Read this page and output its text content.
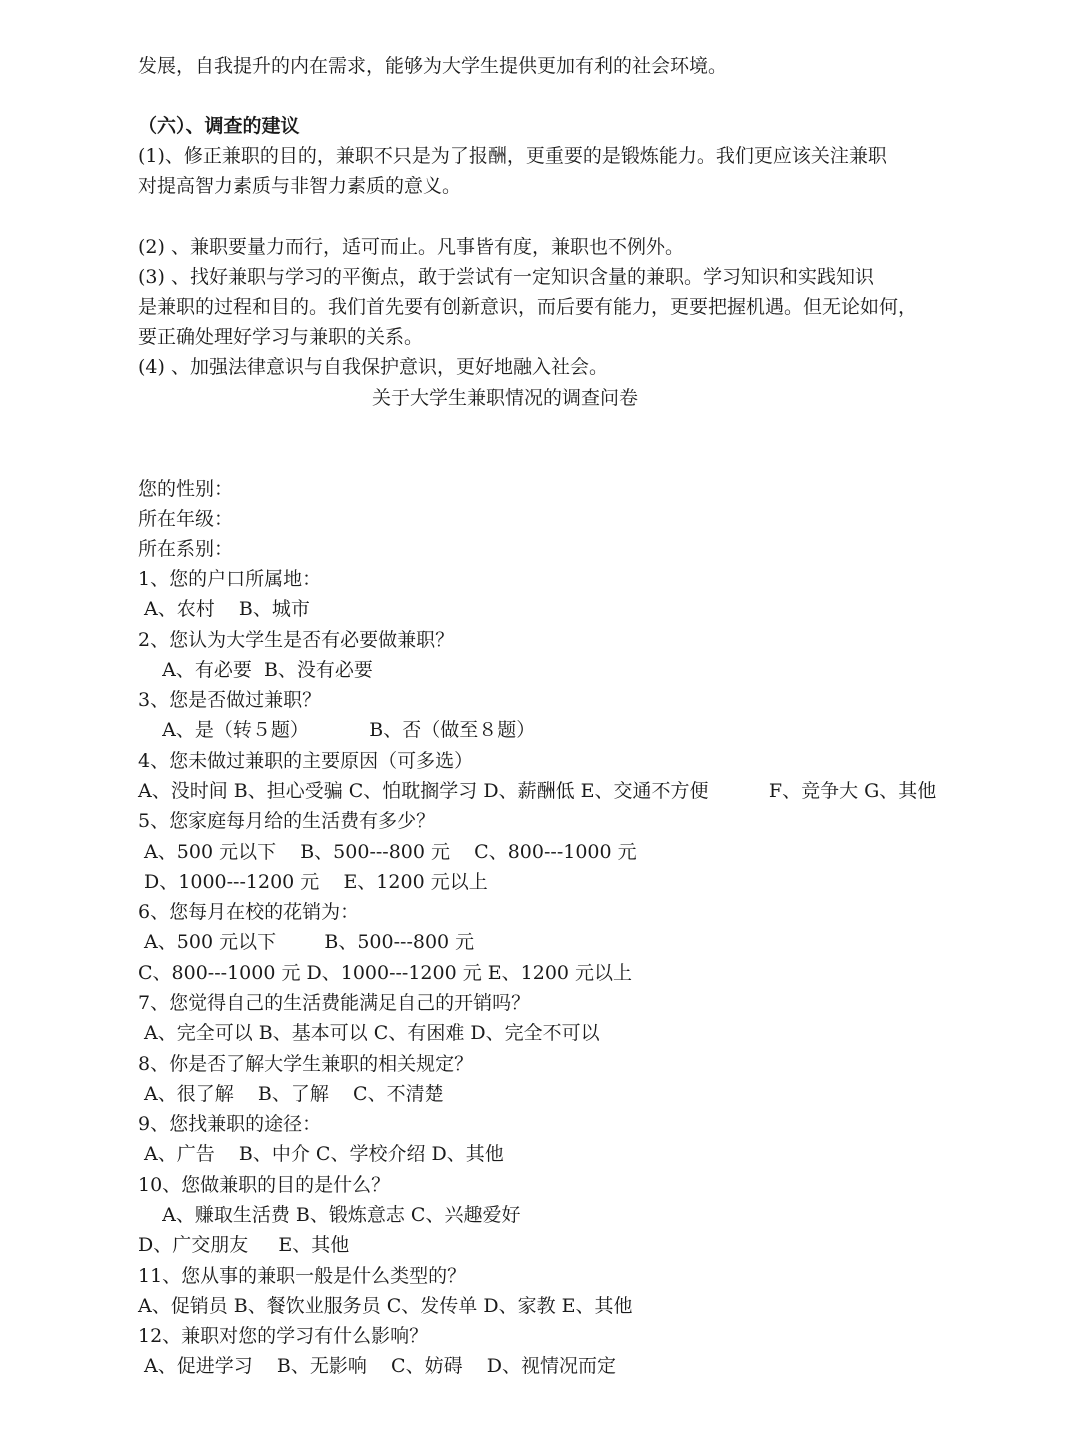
发展，自我提升的内在需求，能够为大学生提供更加有利的社会环境。
（六）、调查的建议
(1)、修正兼职的目的，兼职不只是为了报酬，更重要的是锻炼能力。我们更应该关注兼职
对提高智力素质与非智力素质的意义。
(2) 、兼职要量力而行，适可而止。凡事皆有度，兼职也不例外。
(3) 、找好兼职与学习的平衡点，敢于尝试有一定知识含量的兼职。学习知识和实践知识
是兼职的过程和目的。我们首先要有创新意识，而后要有能力，更要把握机遇。但无论如何，
要正确处理好学习与兼职的关系。
(4) 、加强法律意识与自我保护意识，更好地融入社会。
关于大学生兼职情况的调查问卷
您的性别：
所在年级：
所在系别：
1、您的户口所属地：
A、农村    B、城市
2、您认为大学生是否有必要做兼职？
A、有必要  B、没有必要
3、您是否做过兼职？
A、是（转５题）          B、否（做至８题）
4、您未做过兼职的主要原因（可多选）
A、没时间 B、担心受骗 C、怕耽搁学习 D、薪酬低 E、交通不方便          F、竞争大 G、其他
5、您家庭每月给的生活费有多少？
A、500 元以下    B、500---800 元    C、800---1000 元
D、1000---1200 元    E、1200 元以上
6、您每月在校的花销为：
A、500 元以下        B、500---800 元
C、800---1000 元 D、1000---1200 元 E、1200 元以上
7、您觉得自己的生活费能满足自己的开销吗？
A、完全可以 B、基本可以 C、有困难 D、完全不可以
8、你是否了解大学生兼职的相关规定？
A、很了解    B、了解    C、不清楚
9、您找兼职的途径：
A、广告    B、中介 C、学校介绍 D、其他
10、您做兼职的目的是什么？
A、赚取生活费 B、锻炼意志 C、兴趣爱好
D、广交朋友     E、其他
11、您从事的兼职一般是什么类型的？
A、促销员 B、餐饮业服务员 C、发传单 D、家教 E、其他
12、兼职对您的学习有什么影响？
A、促进学习    B、无影响    C、妨碍    D、视情况而定
